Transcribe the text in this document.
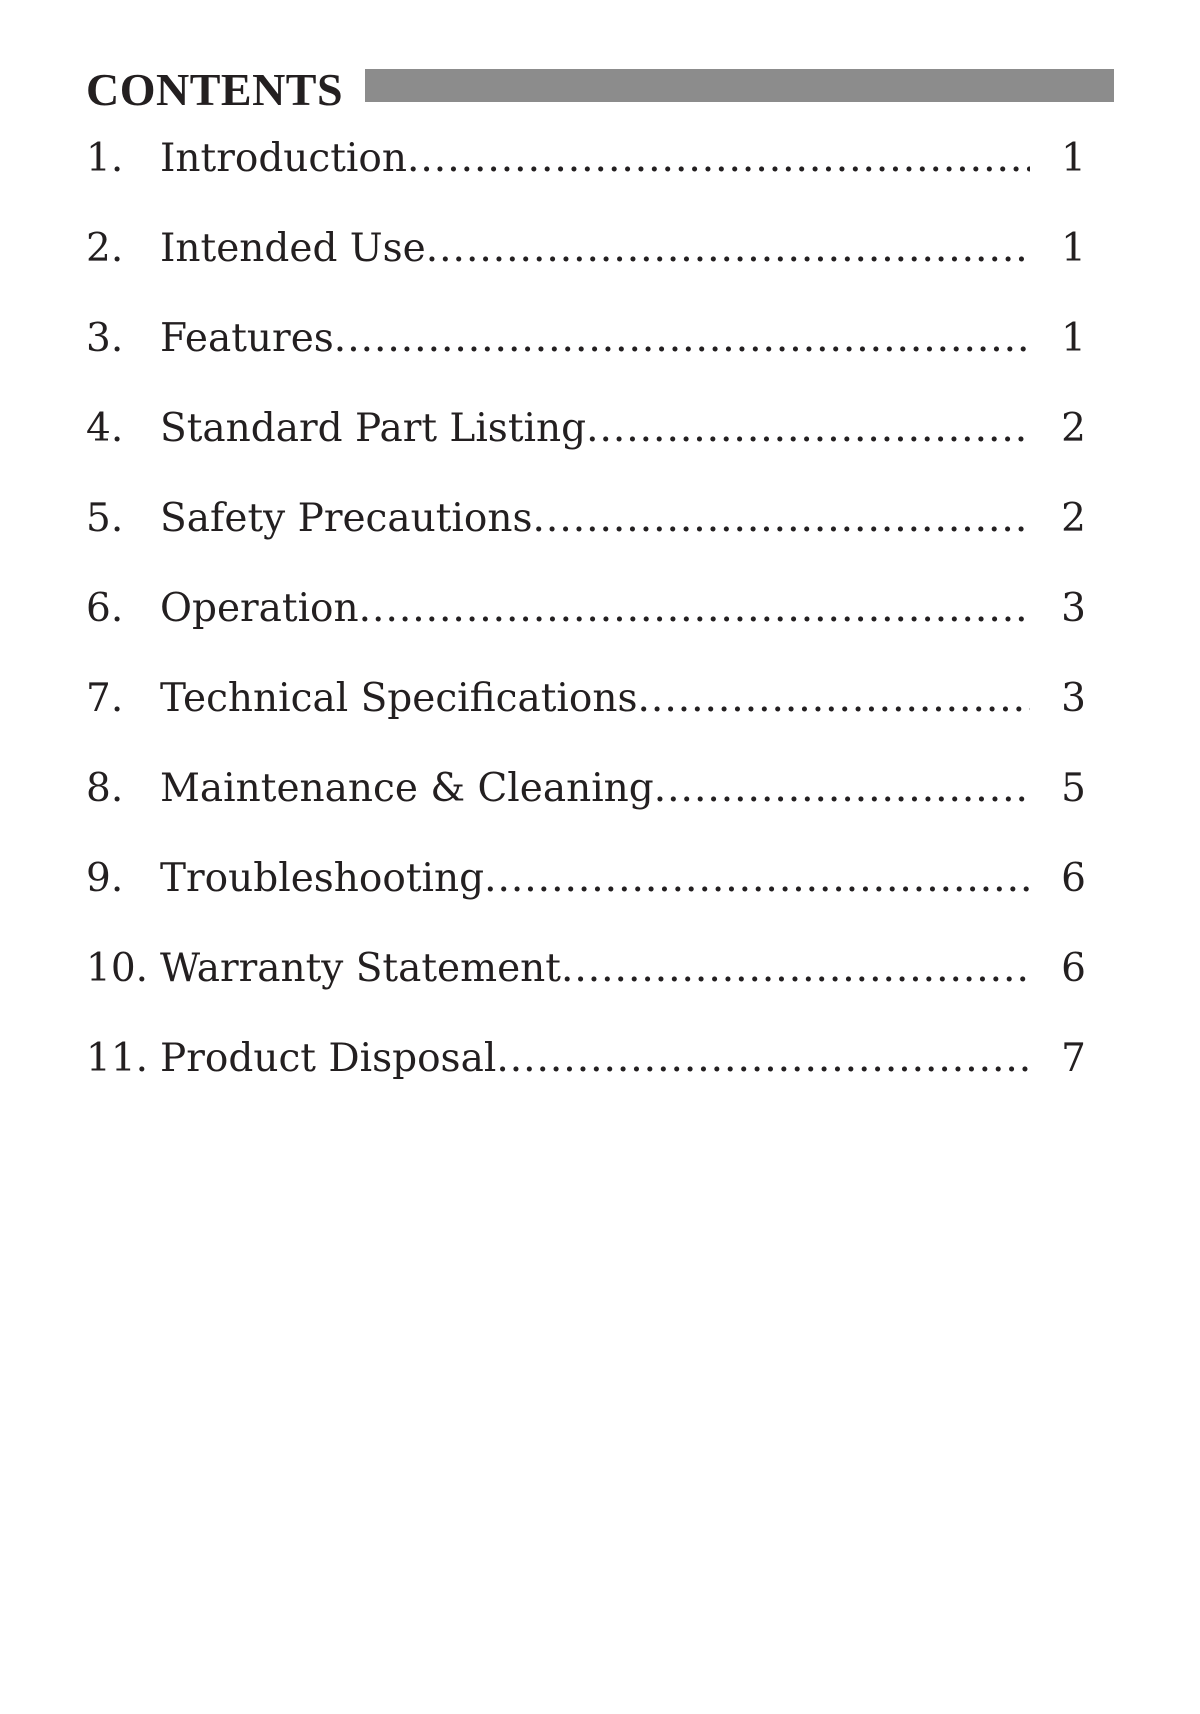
CONTENTS
1. Introduction .....	1
2. Intended Use .....	1
3. Features .....	1
4. Standard Part Listing .....	2
5. Safety Precautions .....	2
6. Operation .....	3
7. Technical Specifications .....	3
8. Maintenance & Cleaning .....	5
9. Troubleshooting .....	6
10. Warranty Statement .....	6
11. Product Disposal .....	7
